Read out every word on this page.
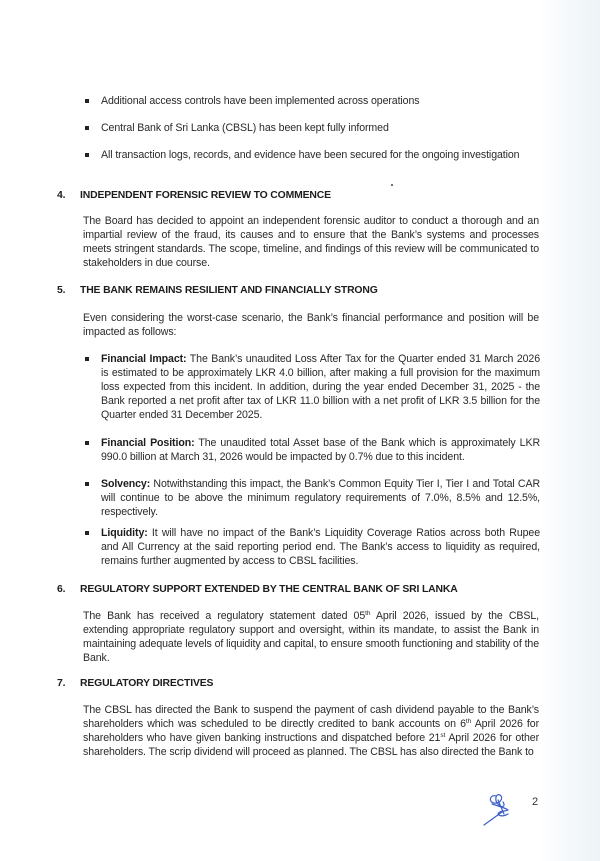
Additional access controls have been implemented across operations
Central Bank of Sri Lanka (CBSL) has been kept fully informed
All transaction logs, records, and evidence have been secured for the ongoing investigation
4.	INDEPENDENT FORENSIC REVIEW TO COMMENCE
The Board has decided to appoint an independent forensic auditor to conduct a thorough and an impartial review of the fraud, its causes and to ensure that the Bank’s systems and processes meets stringent standards. The scope, timeline, and findings of this review will be communicated to stakeholders in due course.
5.	THE BANK REMAINS RESILIENT AND FINANCIALLY STRONG
Even considering the worst-case scenario, the Bank’s financial performance and position will be impacted as follows:
Financial Impact: The Bank’s unaudited Loss After Tax for the Quarter ended 31 March 2026 is estimated to be approximately LKR 4.0 billion, after making a full provision for the maximum loss expected from this incident. In addition, during the year ended December 31, 2025 - the Bank reported a net profit after tax of LKR 11.0 billion with a net profit of LKR 3.5 billion for the Quarter ended 31 December 2025.
Financial Position: The unaudited total Asset base of the Bank which is approximately LKR 990.0 billion at March 31, 2026 would be impacted by 0.7% due to this incident.
Solvency: Notwithstanding this impact, the Bank’s Common Equity Tier I, Tier I and Total CAR will continue to be above the minimum regulatory requirements of 7.0%, 8.5% and 12.5%, respectively.
Liquidity: It will have no impact of the Bank’s Liquidity Coverage Ratios across both Rupee and All Currency at the said reporting period end. The Bank’s access to liquidity as required, remains further augmented by access to CBSL facilities.
6.	REGULATORY SUPPORT EXTENDED BY THE CENTRAL BANK OF SRI LANKA
The Bank has received a regulatory statement dated 05th April 2026, issued by the CBSL, extending appropriate regulatory support and oversight, within its mandate, to assist the Bank in maintaining adequate levels of liquidity and capital, to ensure smooth functioning and stability of the Bank.
7.	REGULATORY DIRECTIVES
The CBSL has directed the Bank to suspend the payment of cash dividend payable to the Bank’s shareholders which was scheduled to be directly credited to bank accounts on 6th April 2026 for shareholders who have given banking instructions and dispatched before 21st April 2026 for other shareholders. The scrip dividend will proceed as planned. The CBSL has also directed the Bank to
2
